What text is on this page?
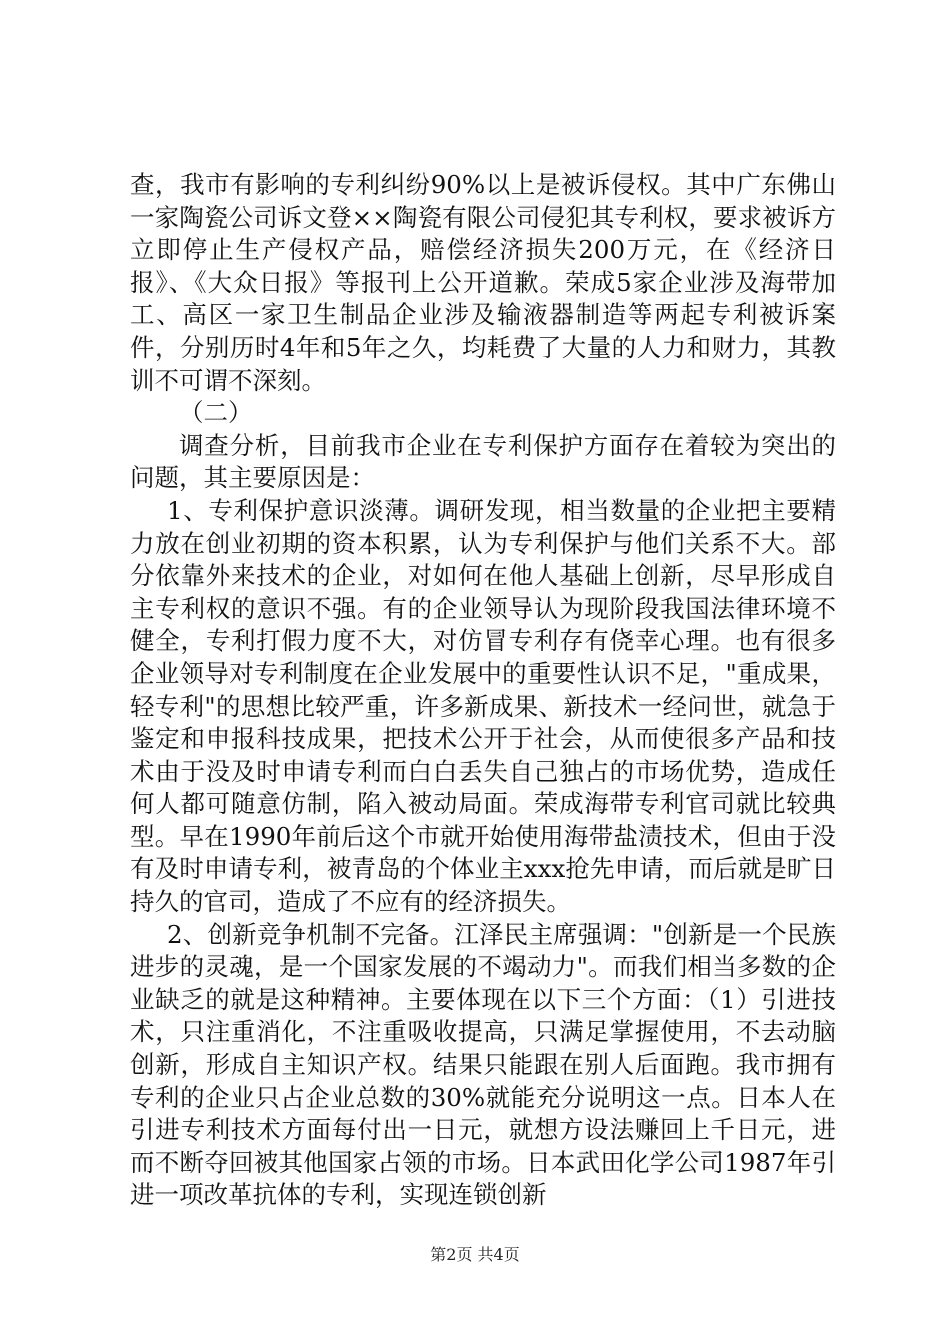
查，我市有影响的专利纠纷90%以上是被诉侵权。其中广东佛山一家陶瓷公司诉文登××陶瓷有限公司侵犯其专利权，要求被诉方立即停止生产侵权产品，赔偿经济损失200万元，在《经济日报》、《大众日报》等报刊上公开道歉。荣成5家企业涉及海带加工、高区一家卫生制品企业涉及输液器制造等两起专利被诉案件，分别历时4年和5年之久，均耗费了大量的人力和财力，其教训不可谓不深刻。

（二）

调查分析，目前我市企业在专利保护方面存在着较为突出的问题，其主要原因是：

1、专利保护意识淡薄。调研发现，相当数量的企业把主要精力放在创业初期的资本积累，认为专利保护与他们关系不大。部分依靠外来技术的企业，对如何在他人基础上创新，尽早形成自主专利权的意识不强。有的企业领导认为现阶段我国法律环境不健全，专利打假力度不大，对仿冒专利存有侥幸心理。也有很多企业领导对专利制度在企业发展中的重要性认识不足，"重成果，轻专利"的思想比较严重，许多新成果、新技术一经问世，就急于鉴定和申报科技成果，把技术公开于社会，从而使很多产品和技术由于没及时申请专利而白白丢失自己独占的市场优势，造成任何人都可随意仿制，陷入被动局面。荣成海带专利官司就比较典型。早在1990年前后这个市就开始使用海带盐渍技术，但由于没有及时申请专利，被青岛的个体业主xxx抢先申请，而后就是旷日持久的官司，造成了不应有的经济损失。

2、创新竞争机制不完备。江泽民主席强调："创新是一个民族进步的灵魂，是一个国家发展的不竭动力"。而我们相当多数的企业缺乏的就是这种精神。主要体现在以下三个方面：（1）引进技术，只注重消化，不注重吸收提高，只满足掌握使用，不去动脑创新，形成自主知识产权。结果只能跟在别人后面跑。我市拥有专利的企业只占企业总数的30%就能充分说明这一点。日本人在引进专利技术方面每付出一日元，就想方设法赚回上千日元，进而不断夺回被其他国家占领的市场。日本武田化学公司1987年引进一项改革抗体的专利，实现连锁创新

第2页 共4页
